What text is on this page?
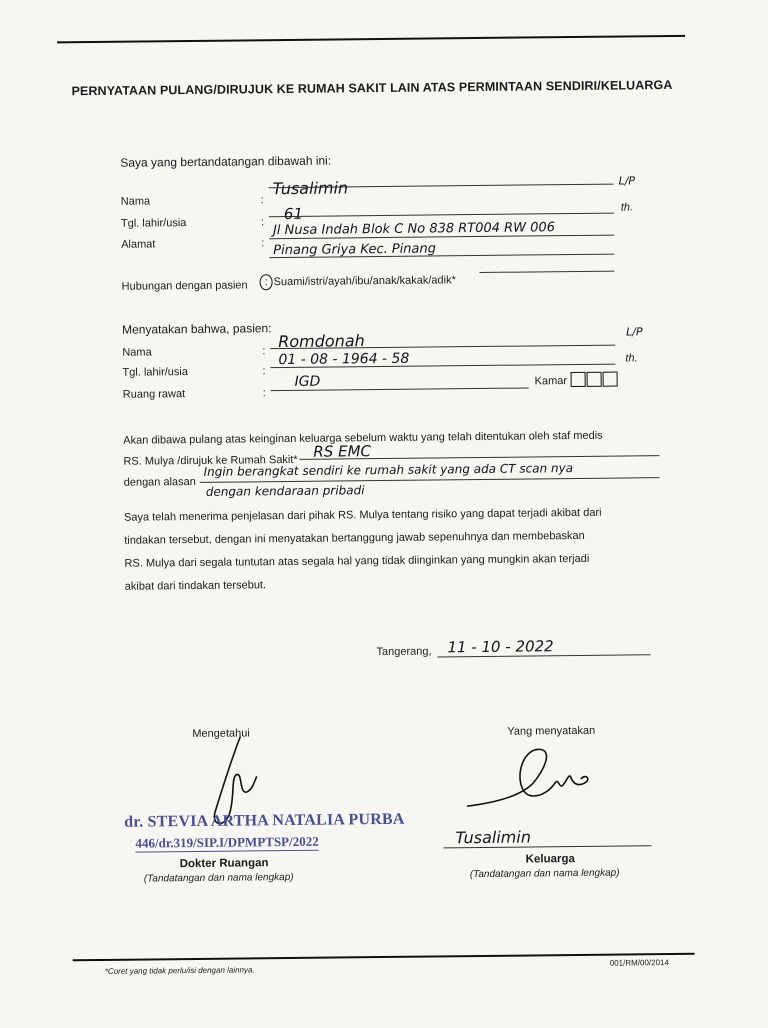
PERNYATAAN PULANG/DIRUJUK KE RUMAH SAKIT LAIN ATAS PERMINTAAN SENDIRI/KELUARGA
Saya yang bertandatangan dibawah ini:
Nama	:
Tusalimin	L/P
Tgl. lahir/usia	: 61	th.
Alamat	:
Jl Nusa Indah Blok C No 838 RT004 RW 006
Pinang Griya Kec. Pinang
Hubungan dengan pasien	: Suami/istri/ayah/ibu/anak/kakak/adik*
Menyatakan bahwa, pasien:
Nama	:
Romdonah	L/P
Tgl. lahir/usia	:
01 - 08 - 1964 - 58	th.
Ruang rawat	:
IGD	Kamar
Akan dibawa pulang atas keinginan keluarga sebelum waktu yang telah ditentukan oleh staf medis
RS. Mulya /dirujuk ke Rumah Sakit*
RS EMC
dengan alasan
Ingin berangkat sendiri ke rumah sakit yang ada CT scan nya
dengan kendaraan pribadi
Saya telah menerima penjelasan dari pihak RS. Mulya tentang risiko yang dapat terjadi akibat dari
tindakan tersebut, dengan ini menyatakan bertanggung jawab sepenuhnya dan membebaskan
RS. Mulya dari segala tuntutan atas segala hal yang tidak diinginkan yang mungkin akan terjadi
akibat dari tindakan tersebut.
Tangerang, 11 - 10 - 2022
Mengetahui
dr. STEVIA ARTHA NATALIA PURBA
446/dr.319/SIP.I/DPMPTSP/2022
Dokter Ruangan
(Tandatangan dan nama lengkap)
Yang menyatakan
Tusalimin
Keluarga
(Tandatangan dan nama lengkap)
*Coret yang tidak perlu/isi dengan lainnya.
001/RM/00/2014
